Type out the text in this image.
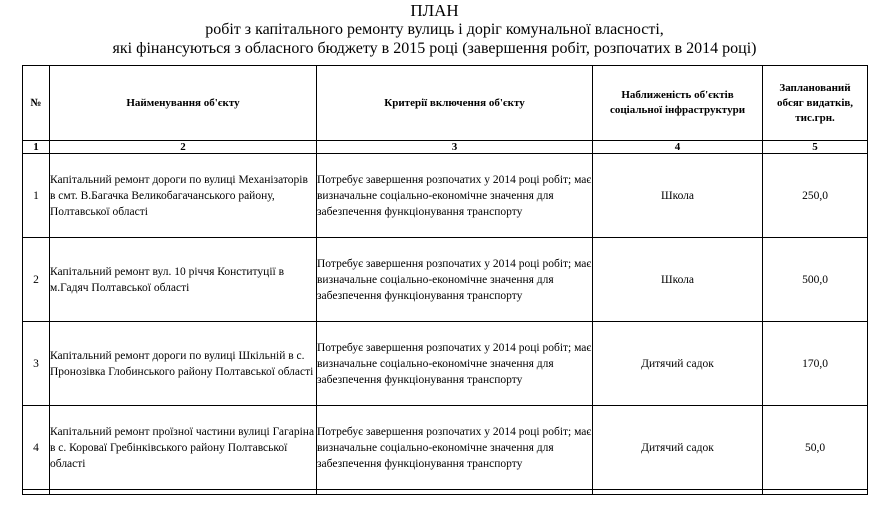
ПЛАН
робіт з капітального ремонту вулиць і доріг комунальної власності,
які фінансуються з обласного бюджету в 2015 році (завершення робіт, розпочатих в 2014 році)
№	Найменування об'єкту	Критерії включення об'єкту	Наближеність об'єктів соціальної інфраструктури	Запланований обсяг видатків, тис.грн.
1	2	3	4	5
1	Капітальний ремонт дороги по вулиці Механізаторів в смт. В.Багачка Великобагачанського району, Полтавської області	Потребує завершення розпочатих у 2014 році робіт; має визначальне соціально-економічне значення для забезпечення функціонування транспорту	Школа	250,0
2	Капітальний ремонт вул. 10 річчя Конституції в м.Гадяч Полтавської області	Потребує завершення розпочатих у 2014 році робіт; має визначальне соціально-економічне значення для забезпечення функціонування транспорту	Школа	500,0
3	Капітальний ремонт дороги по вулиці Шкільній в с. Пронозівка Глобинського району Полтавської області	Потребує завершення розпочатих у 2014 році робіт; має визначальне соціально-економічне значення для забезпечення функціонування транспорту	Дитячий садок	170,0
4	Капітальний ремонт проїзної частини вулиці Гагаріна в с. Короваї Гребінківського району Полтавської області	Потребує завершення розпочатих у 2014 році робіт; має визначальне соціально-економічне значення для забезпечення функціонування транспорту	Дитячий садок	50,0
